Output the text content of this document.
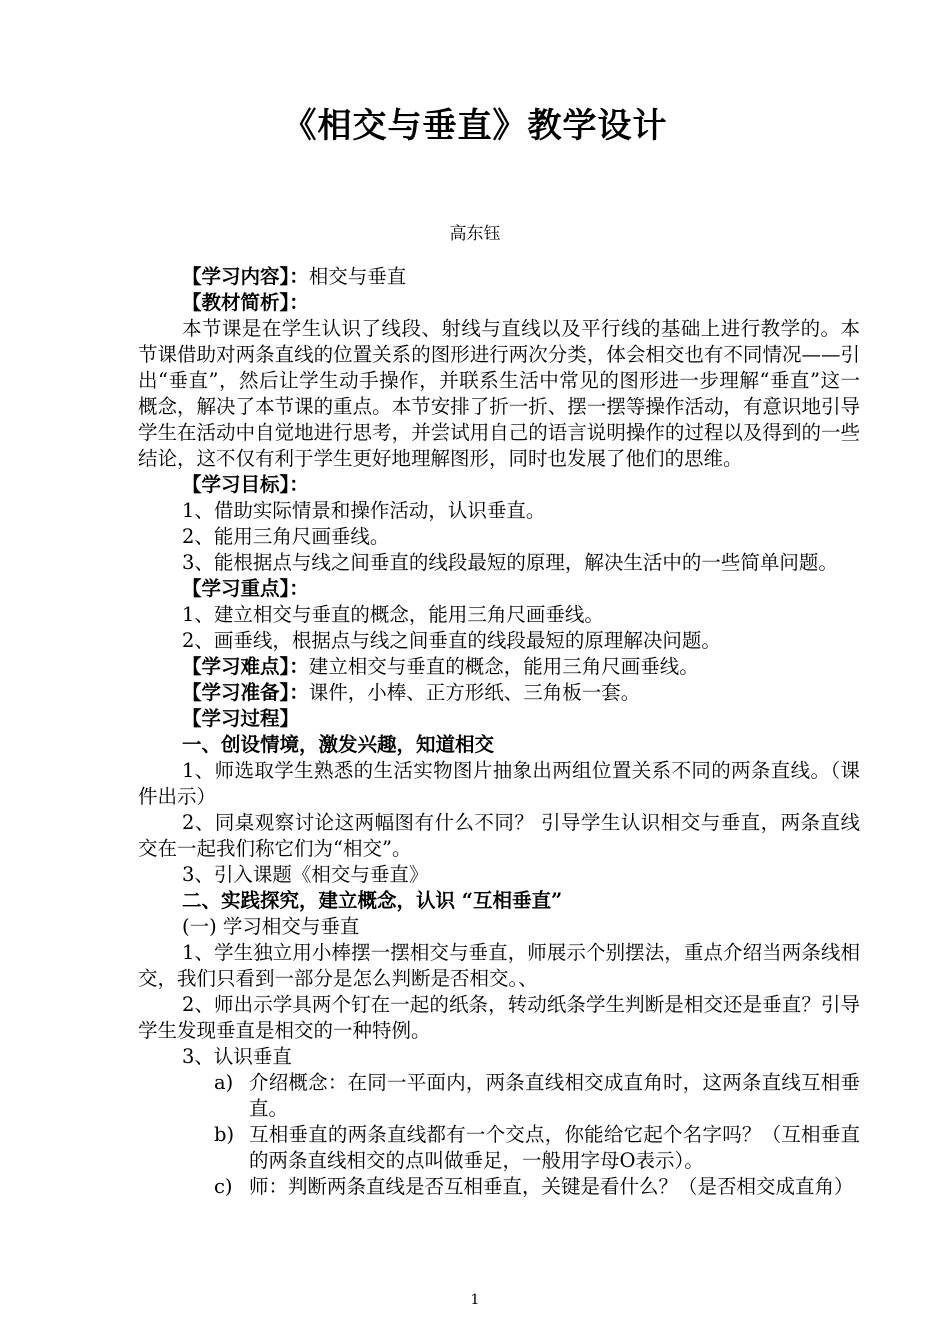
《相交与垂直》教学设计
高东钰

【学习内容】：相交与垂直

【教材简析】：

本节课是在学生认识了线段、射线与直线以及平行线的基础上进行教学的。本节课借助对两条直线的位置关系的图形进行两次分类，体会相交也有不同情况——引出“垂直”，然后让学生动手操作，并联系生活中常见的图形进一步理解“垂直”这一概念，解决了本节课的重点。本节安排了折一折、摆一摆等操作活动，有意识地引导学生在活动中自觉地进行思考，并尝试用自己的语言说明操作的过程以及得到的一些结论，这不仅有利于学生更好地理解图形，同时也发展了他们的思维。

【学习目标】：

1、借助实际情景和操作活动，认识垂直。

2、能用三角尺画垂线。

3、能根据点与线之间垂直的线段最短的原理，解决生活中的一些简单问题。

【学习重点】：

1、建立相交与垂直的概念，能用三角尺画垂线。

2、画垂线，根据点与线之间垂直的线段最短的原理解决问题。

【学习难点】：建立相交与垂直的概念，能用三角尺画垂线。

【学习准备】：课件，小棒、正方形纸、三角板一套。

【学习过程】

一、创设情境，激发兴趣，知道相交

1、师选取学生熟悉的生活实物图片抽象出两组位置关系不同的两条直线。（课件出示）

2、同桌观察讨论这两幅图有什么不同？ 引导学生认识相交与垂直，两条直线交在一起我们称它们为“相交”。

3、引入课题《相交与垂直》

二、实践探究，建立概念，认识 “互相垂直”

(一) 学习相交与垂直

1、学生独立用小棒摆一摆相交与垂直，师展示个别摆法，重点介绍当两条线相交，我们只看到一部分是怎么判断是否相交。、

2、师出示学具两个钉在一起的纸条，转动纸条学生判断是相交还是垂直？引导学生发现垂直是相交的一种特例。

3、认识垂直

a) 介绍概念：在同一平面内，两条直线相交成直角时，这两条直线互相垂直。
b) 互相垂直的两条直线都有一个交点，你能给它起个名字吗？（互相垂直的两条直线相交的点叫做垂足，一般用字母O表示）。
c) 师：判断两条直线是否互相垂直，关键是看什么？（是否相交成直角）
1
